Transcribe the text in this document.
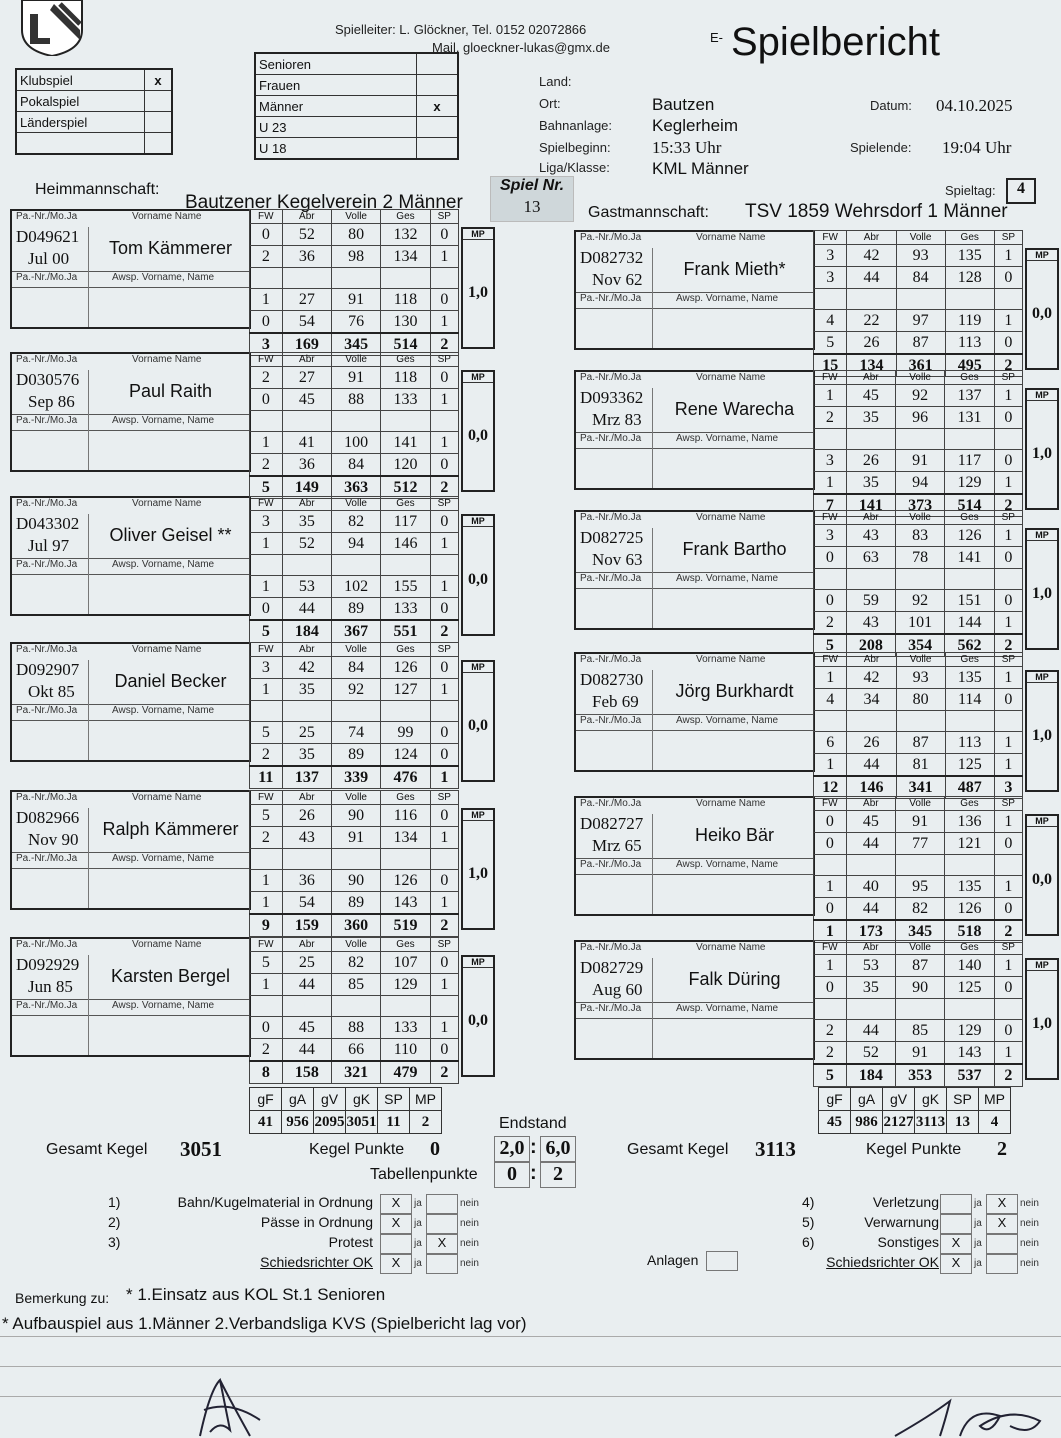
Spielleiter: L. Glöckner, Tel. 0152 02072866
Mail. gloeckner-lukas@gmx.de
E- Spielbericht
Klubspiel	x
Pokalspiel	
Länderspiel	

Senioren	
Frauen	
Männer	x
U 23	
U 18	
Land:
Ort:	Bautzen	Datum: 04.10.2025
Bahnanlage: Keglerheim
Spielbeginn: 15:33 Uhr	Spielende: 19:04 Uhr
Liga/Klasse: KML Männer
Heimmannschaft:
Bautzener Kegelverein 2 Männer
Spiel Nr.
13	Gastmannschaft: TSV 1859 Wehrsdorf 1 Männer
Spieltag:	4
Pa.-Nr./Mo.Ja	Vorname Name
D049621
Jul 00
Tom Kämmerer
Pa.-Nr./Mo.Ja	Awsp. Vorname, Name
FW	Abr	Volle	Ges	SP
0	52	80	132	0
2	36	98	134	1

1	27	91	118	0
0	54	76	130	1
3	169	345	514	2
MP
1,0
Pa.-Nr./Mo.Ja	Vorname Name
D030576
Sep 86
Paul Raith
Pa.-Nr./Mo.Ja	Awsp. Vorname, Name
FW	Abr	Volle	Ges	SP
2	27	91	118	0
0	45	88	133	1

1	41	100	141	1
2	36	84	120	0
5	149	363	512	2
MP
0,0
Pa.-Nr./Mo.Ja	Vorname Name
D043302
Jul 97
Oliver Geisel **
Pa.-Nr./Mo.Ja	Awsp. Vorname, Name
FW	Abr	Volle	Ges	SP
3	35	82	117	0
1	52	94	146	1

1	53	102	155	1
0	44	89	133	0
5	184	367	551	2
MP
0,0
Pa.-Nr./Mo.Ja	Vorname Name
D092907
Okt 85
Daniel Becker
Pa.-Nr./Mo.Ja	Awsp. Vorname, Name
FW	Abr	Volle	Ges	SP
3	42	84	126	0
1	35	92	127	1

5	25	74	99	0
2	35	89	124	0
11	137	339	476	1
MP
0,0
Pa.-Nr./Mo.Ja	Vorname Name
D082966
Nov 90
Ralph Kämmerer
Pa.-Nr./Mo.Ja	Awsp. Vorname, Name
FW	Abr	Volle	Ges	SP
5	26	90	116	0
2	43	91	134	1

1	36	90	126	0
1	54	89	143	1
9	159	360	519	2
MP
1,0
Pa.-Nr./Mo.Ja	Vorname Name
D092929
Jun 85
Karsten Bergel
Pa.-Nr./Mo.Ja	Awsp. Vorname, Name
FW	Abr	Volle	Ges	SP
5	25	82	107	0
1	44	85	129	1

0	45	88	133	1
2	44	66	110	0
8	158	321	479	2
MP
0,0
Pa.-Nr./Mo.Ja	Vorname Name
D082732
Nov 62
Frank Mieth*
Pa.-Nr./Mo.Ja	Awsp. Vorname, Name
FW	Abr	Volle	Ges	SP
3	42	93	135	1
3	44	84	128	0

4	22	97	119	1
5	26	87	113	0
15	134	361	495	2
MP
0,0
Pa.-Nr./Mo.Ja	Vorname Name
D093362
Mrz 83
Rene Warecha
Pa.-Nr./Mo.Ja	Awsp. Vorname, Name
FW	Abr	Volle	Ges	SP
1	45	92	137	1
2	35	96	131	0

3	26	91	117	0
1	35	94	129	1
7	141	373	514	2
MP
1,0
Pa.-Nr./Mo.Ja	Vorname Name
D082725
Nov 63
Frank Bartho
Pa.-Nr./Mo.Ja	Awsp. Vorname, Name
FW	Abr	Volle	Ges	SP
3	43	83	126	1
0	63	78	141	0

0	59	92	151	0
2	43	101	144	1
5	208	354	562	2
MP
1,0
Pa.-Nr./Mo.Ja	Vorname Name
D082730
Feb 69
Jörg Burkhardt
Pa.-Nr./Mo.Ja	Awsp. Vorname, Name
FW	Abr	Volle	Ges	SP
1	42	93	135	1
4	34	80	114	0

6	26	87	113	1
1	44	81	125	1
12	146	341	487	3
MP
1,0
Pa.-Nr./Mo.Ja	Vorname Name
D082727
Mrz 65
Heiko Bär
Pa.-Nr./Mo.Ja	Awsp. Vorname, Name
FW	Abr	Volle	Ges	SP
0	45	91	136	1
0	44	77	121	0

1	40	95	135	1
0	44	82	126	0
1	173	345	518	2
MP
0,0
Pa.-Nr./Mo.Ja	Vorname Name
D082729
Aug 60
Falk Düring
Pa.-Nr./Mo.Ja	Awsp. Vorname, Name
FW	Abr	Volle	Ges	SP
1	53	87	140	1
0	35	90	125	0

2	44	85	129	0
2	52	91	143	1
5	184	353	537	2
MP
1,0
gF	gA	gV	gK	SP	MP
41	956	2095	3051	11	2	Endstand
gF	gA	gV	gK	SP	MP
45	986	2127	3113	13	4
Gesamt Kegel 3051	Kegel Punkte 0	2,0 : 6,0	Gesamt Kegel 3113	Kegel Punkte 2
Tabellenpunkte	0 : 2
1)	Bahn/Kugelmaterial in Ordnung	X	ja	nein
2)	Pässe in Ordnung	X	ja	nein
3)	Protest	ja	X	nein
Schiedsrichter OK	X	ja	nein
4)	Verletzung	ja	X	nein
5)	Verwarnung	ja	X	nein
6)	Sonstiges X	ja	nein
Schiedsrichter OK X	ja	nein
Anlagen
Bemerkung zu: * 1.Einsatz aus KOL St.1 Senioren
* Aufbauspiel aus 1.Männer 2.Verbandsliga KVS (Spielbericht lag vor)
